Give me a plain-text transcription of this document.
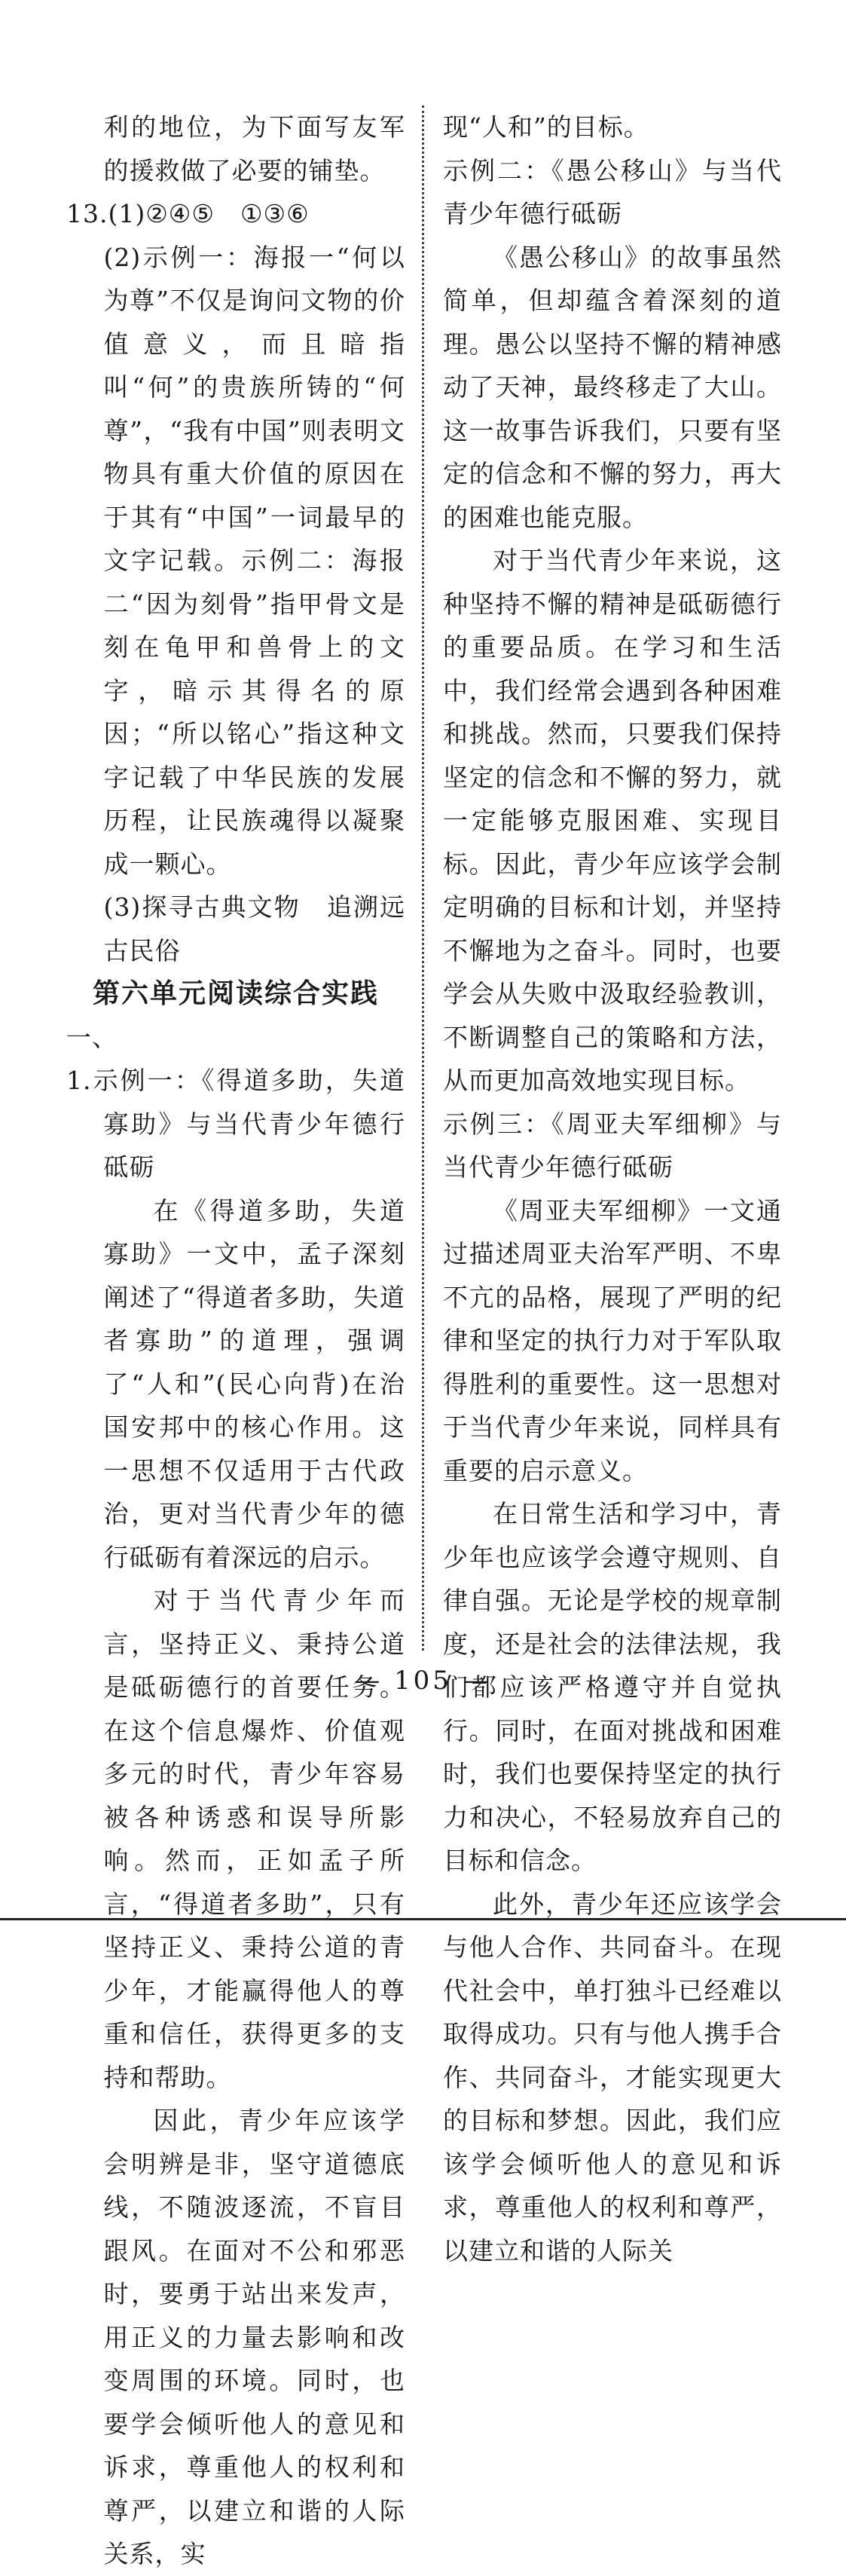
利的地位，为下面写友军的援救做了必要的铺垫。

13.(1)②④⑤　①③⑥

(2)示例一：海报一“何以为尊”不仅是询问文物的价值意义，而且暗指叫“何”的贵族所铸的“何尊”，“我有中国”则表明文物具有重大价值的原因在于其有“中国”一词最早的文字记载。示例二：海报二“因为刻骨”指甲骨文是刻在龟甲和兽骨上的文字，暗示其得名的原因；“所以铭心”指这种文字记载了中华民族的发展历程，让民族魂得以凝聚成一颗心。

(3)探寻古典文物　追溯远古民俗

第六单元阅读综合实践

一、

1.示例一：《得道多助，失道寡助》与当代青少年德行砥砺

在《得道多助，失道寡助》一文中，孟子深刻阐述了“得道者多助，失道者寡助”的道理，强调了“人和”(民心向背)在治国安邦中的核心作用。这一思想不仅适用于古代政治，更对当代青少年的德行砥砺有着深远的启示。

对于当代青少年而言，坚持正义、秉持公道是砥砺德行的首要任务。在这个信息爆炸、价值观多元的时代，青少年容易被各种诱惑和误导所影响。然而，正如孟子所言，“得道者多助”，只有坚持正义、秉持公道的青少年，才能赢得他人的尊重和信任，获得更多的支持和帮助。

因此，青少年应该学会明辨是非，坚守道德底线，不随波逐流，不盲目跟风。在面对不公和邪恶时，要勇于站出来发声，用正义的力量去影响和改变周围的环境。同时，也要学会倾听他人的意见和诉求，尊重他人的权利和尊严，以建立和谐的人际关系，实

现“人和”的目标。

示例二：《愚公移山》与当代青少年德行砥砺

《愚公移山》的故事虽然简单，但却蕴含着深刻的道理。愚公以坚持不懈的精神感动了天神，最终移走了大山。这一故事告诉我们，只要有坚定的信念和不懈的努力，再大的困难也能克服。

对于当代青少年来说，这种坚持不懈的精神是砥砺德行的重要品质。在学习和生活中，我们经常会遇到各种困难和挑战。然而，只要我们保持坚定的信念和不懈的努力，就一定能够克服困难、实现目标。因此，青少年应该学会制定明确的目标和计划，并坚持不懈地为之奋斗。同时，也要学会从失败中汲取经验教训，不断调整自己的策略和方法，从而更加高效地实现目标。

示例三：《周亚夫军细柳》与当代青少年德行砥砺

《周亚夫军细柳》一文通过描述周亚夫治军严明、不卑不亢的品格，展现了严明的纪律和坚定的执行力对于军队取得胜利的重要性。这一思想对于当代青少年来说，同样具有重要的启示意义。

在日常生活和学习中，青少年也应该学会遵守规则、自律自强。无论是学校的规章制度，还是社会的法律法规，我们都应该严格遵守并自觉执行。同时，在面对挑战和困难时，我们也要保持坚定的执行力和决心，不轻易放弃自己的目标和信念。

此外，青少年还应该学会与他人合作、共同奋斗。在现代社会中，单打独斗已经难以取得成功。只有与他人携手合作、共同奋斗，才能实现更大的目标和梦想。因此，我们应该学会倾听他人的意见和诉求，尊重他人的权利和尊严，以建立和谐的人际关

— 105 —
